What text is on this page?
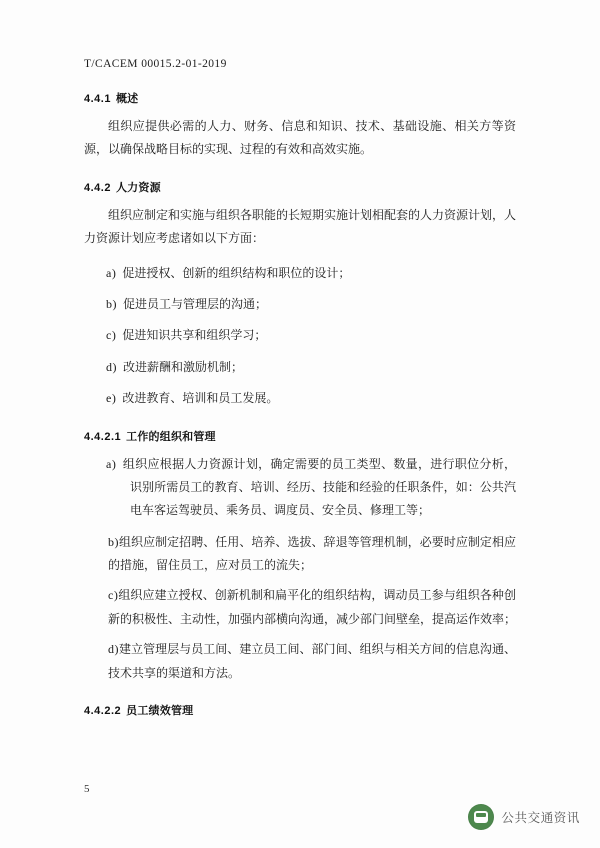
T/CACEM 00015.2-01-2019
4.4.1 概述

组织应提供必需的人力、财务、信息和知识、技术、基础设施、相关方等资源，以确保战略目标的实现、过程的有效和高效实施。

4.4.2 人力资源

组织应制定和实施与组织各职能的长短期实施计划相配套的人力资源计划，人力资源计划应考虑诸如以下方面：

a) 促进授权、创新的组织结构和职位的设计；

b) 促进员工与管理层的沟通；

c) 促进知识共享和组织学习；

d) 改进薪酬和激励机制；

e) 改进教育、培训和员工发展。

4.4.2.1 工作的组织和管理

a) 组织应根据人力资源计划，确定需要的员工类型、数量，进行职位分析，识别所需员工的教育、培训、经历、技能和经验的任职条件，如：公共汽电车客运驾驶员、乘务员、调度员、安全员、修理工等；

b)组织应制定招聘、任用、培养、选拔、辞退等管理机制，必要时应制定相应的措施，留住员工，应对员工的流失；

c)组织应建立授权、创新机制和扁平化的组织结构，调动员工参与组织各种创新的积极性、主动性，加强内部横向沟通，减少部门间壁垒，提高运作效率；

d)建立管理层与员工间、建立员工间、部门间、组织与相关方间的信息沟通、技术共享的渠道和方法。

4.4.2.2 员工绩效管理
5
公共交通资讯
